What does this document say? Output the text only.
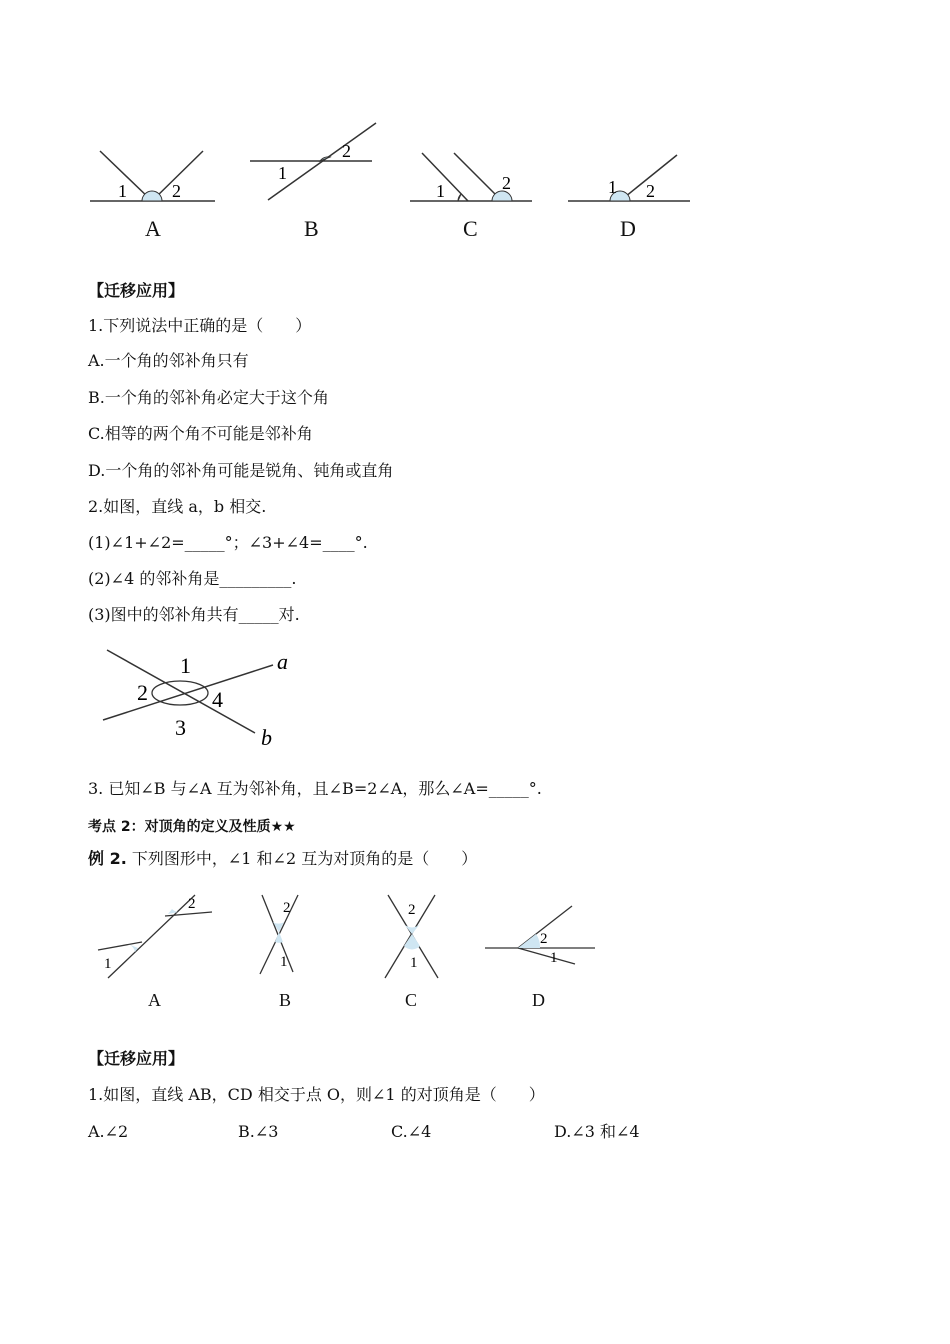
1	2
1
2
1	2	1 2
A	B	C	D
【迁移应用】
1.下列说法中正确的是（　　）
A.一个角的邻补角只有
B.一个角的邻补角必定大于这个角
C.相等的两个角不可能是邻补角
D.一个角的邻补角可能是锐角、钝角或直角
2.如图，直线 a，b 相交.
(1)∠1+∠2=_____°；∠3+∠4=____°.
(2)∠4 的邻补角是_________.
(3)图中的邻补角共有_____对.
1
2
3
4
a
b
3. 已知∠B 与∠A 互为邻补角，且∠B=2∠A，那么∠A=_____°.
考点 2：对顶角的定义及性质★★
例 2. 下列图形中，∠1 和∠2 互为对顶角的是（　　）
1
2	2
1
2
1
2
1
A	B	C	D
【迁移应用】
1.如图，直线 AB，CD 相交于点 O，则∠1 的对顶角是（　　）
A.∠2	B.∠3	C.∠4	D.∠3 和∠4
